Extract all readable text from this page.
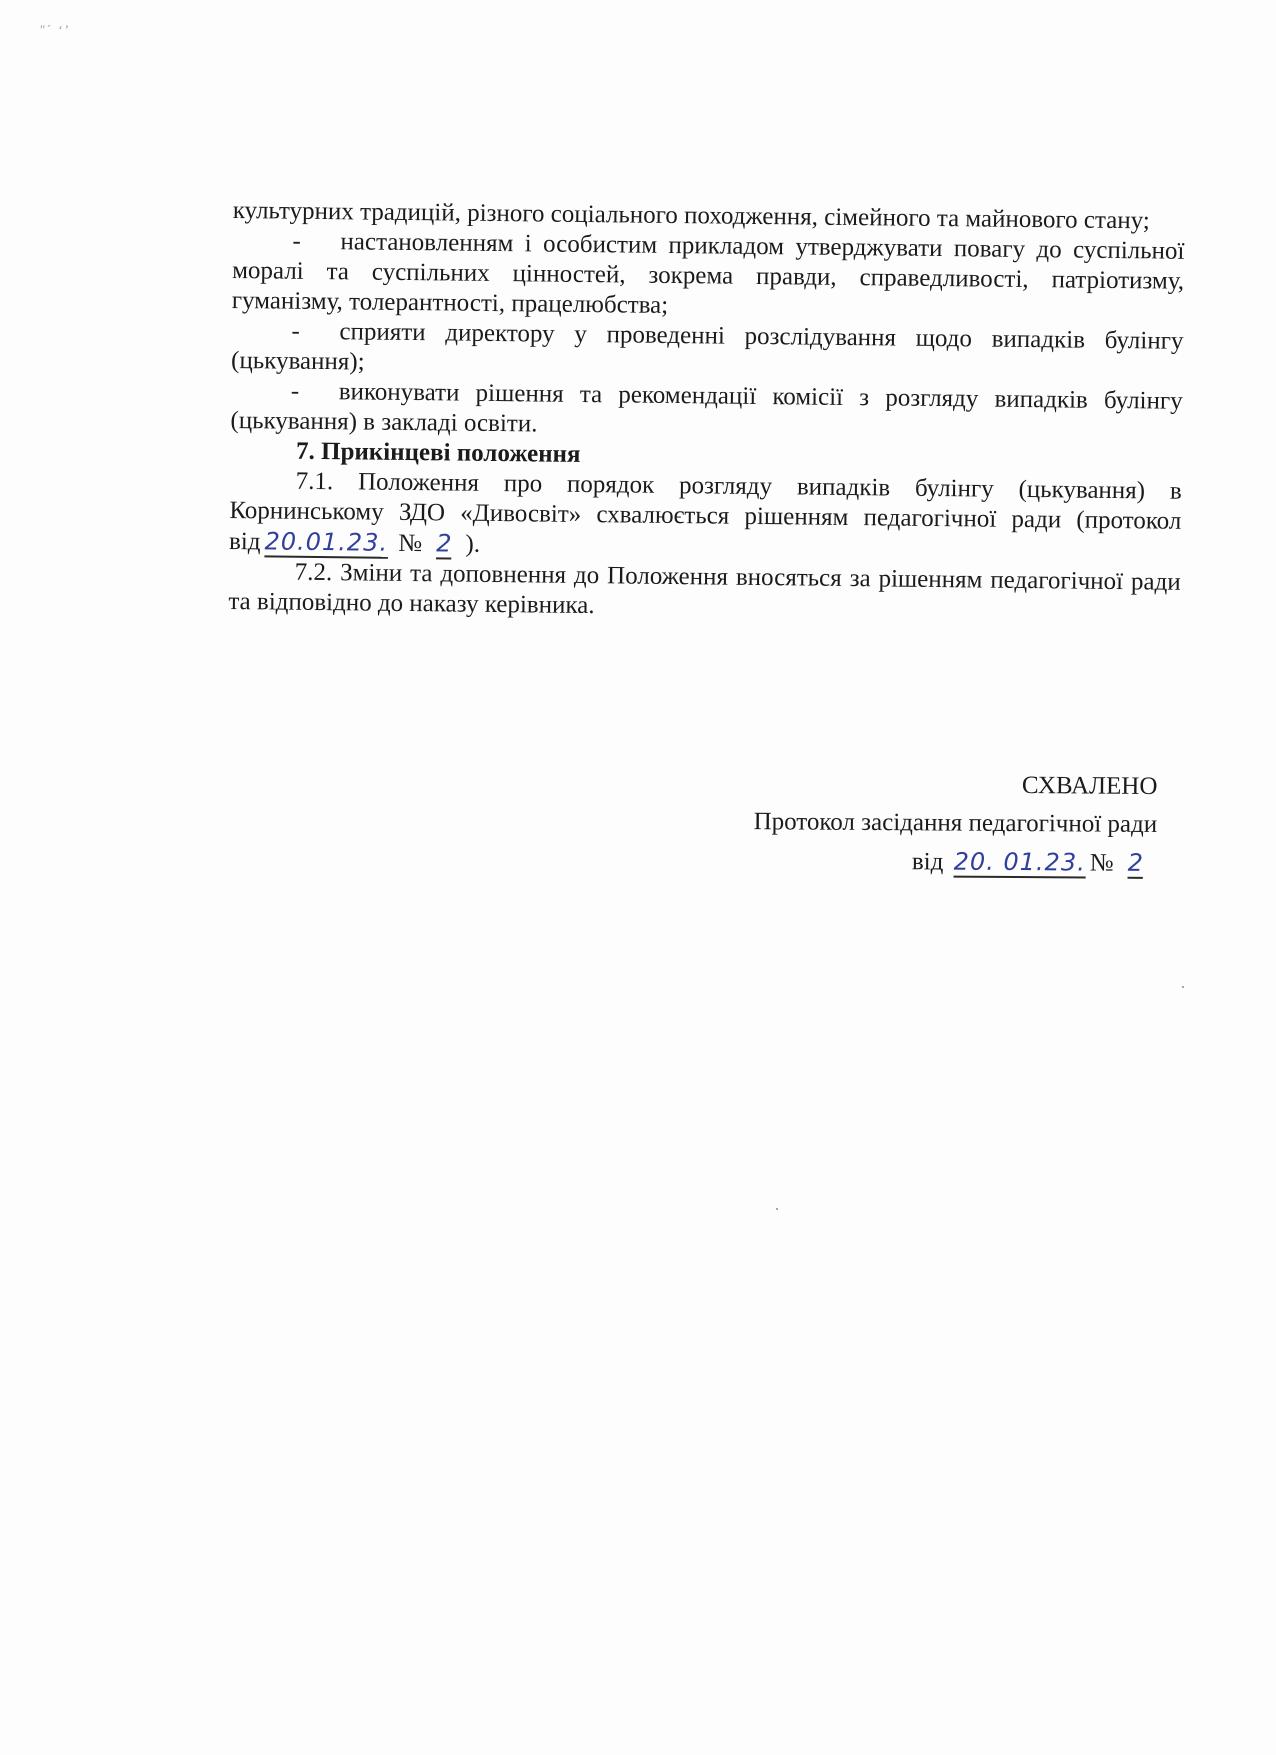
ʺˊ ʻʼ

культурних традицій, різного соціального походження, сімейного та майнового стану;

- настановленням і особистим прикладом утверджувати повагу до суспільної моралі та суспільних цінностей, зокрема правди, справедливості, патріотизму, гуманізму, толерантності, працелюбства;

- сприяти директору у проведенні розслідування щодо випадків булінгу (цькування);

- виконувати рішення та рекомендації комісії з розгляду випадків булінгу (цькування) в закладі освіти.

7. Прикінцеві положення

7.1. Положення про порядок розгляду випадків булінгу (цькування) в Корнинському ЗДО «Дивосвіт» схвалюється рішенням педагогічної ради (протокол від 20.01.23. № 2 ).

7.2. Зміни та доповнення до Положення вносяться за рішенням педагогічної ради та відповідно до наказу керівника.

СХВАЛЕНО
Протокол засідання педагогічної ради
від 20. 01.23. № 2
